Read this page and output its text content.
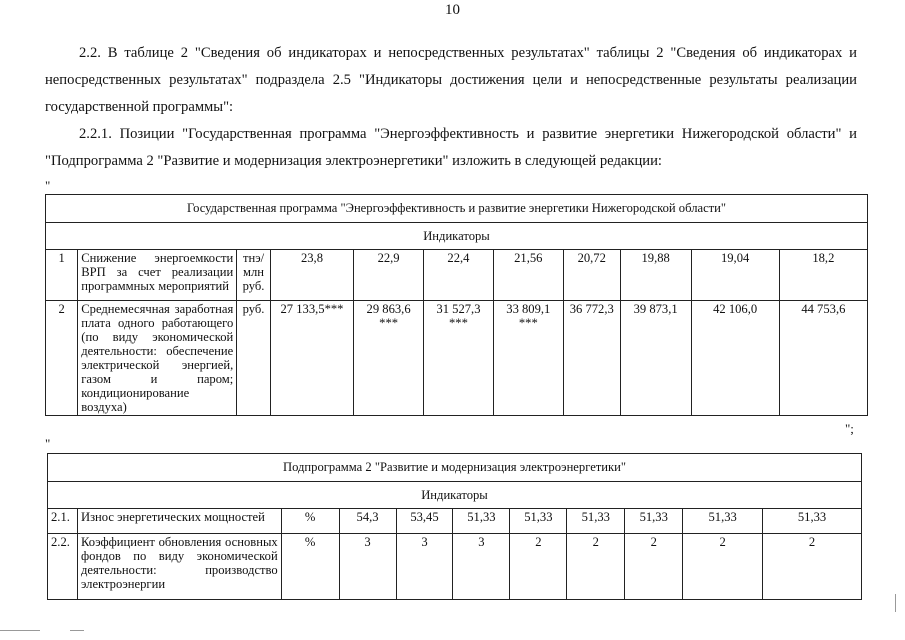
10

2.2. В таблице 2 "Сведения об индикаторах и непосредственных результатах" таблицы 2 "Сведения об индикаторах и непосредственных результатах" подраздела 2.5 "Индикаторы достижения цели и непосредственные результаты реализации государственной программы":

2.2.1. Позиции "Государственная программа "Энергоэффективность и развитие энергетики Нижегородской области" и "Подпрограмма 2 "Развитие и модернизация электроэнергетики" изложить в следующей редакции:

"
Государственная программа "Энергоэффективность и развитие энергетики Нижегородской области"										
Индикаторы										
1	Снижение энергоемкости ВРП за счет реализации программных мероприятий	тнэ/млн руб.	23,8	22,9	22,4	21,56	20,72	19,88	19,04	18,2
2	Среднемесячная заработная плата одного работающего (по виду экономической деятельности: обеспечение электрической энергией, газом и паром; кондиционирование воздуха)	руб.	27 133,5***	29 863,6 ***	31 527,3 ***	33 809,1 ***	36 772,3	39 873,1	42 106,0	44 753,6
";
"
Подпрограмма 2 "Развитие и модернизация электроэнергетики"										
Индикаторы										
2.1.	Износ энергетических мощностей	%	54,3	53,45	51,33	51,33	51,33	51,33	51,33	51,33
2.2.	Коэффициент обновления основных фондов по виду экономической деятельности: производство электроэнергии	%	3	3	3	2	2	2	2	2
